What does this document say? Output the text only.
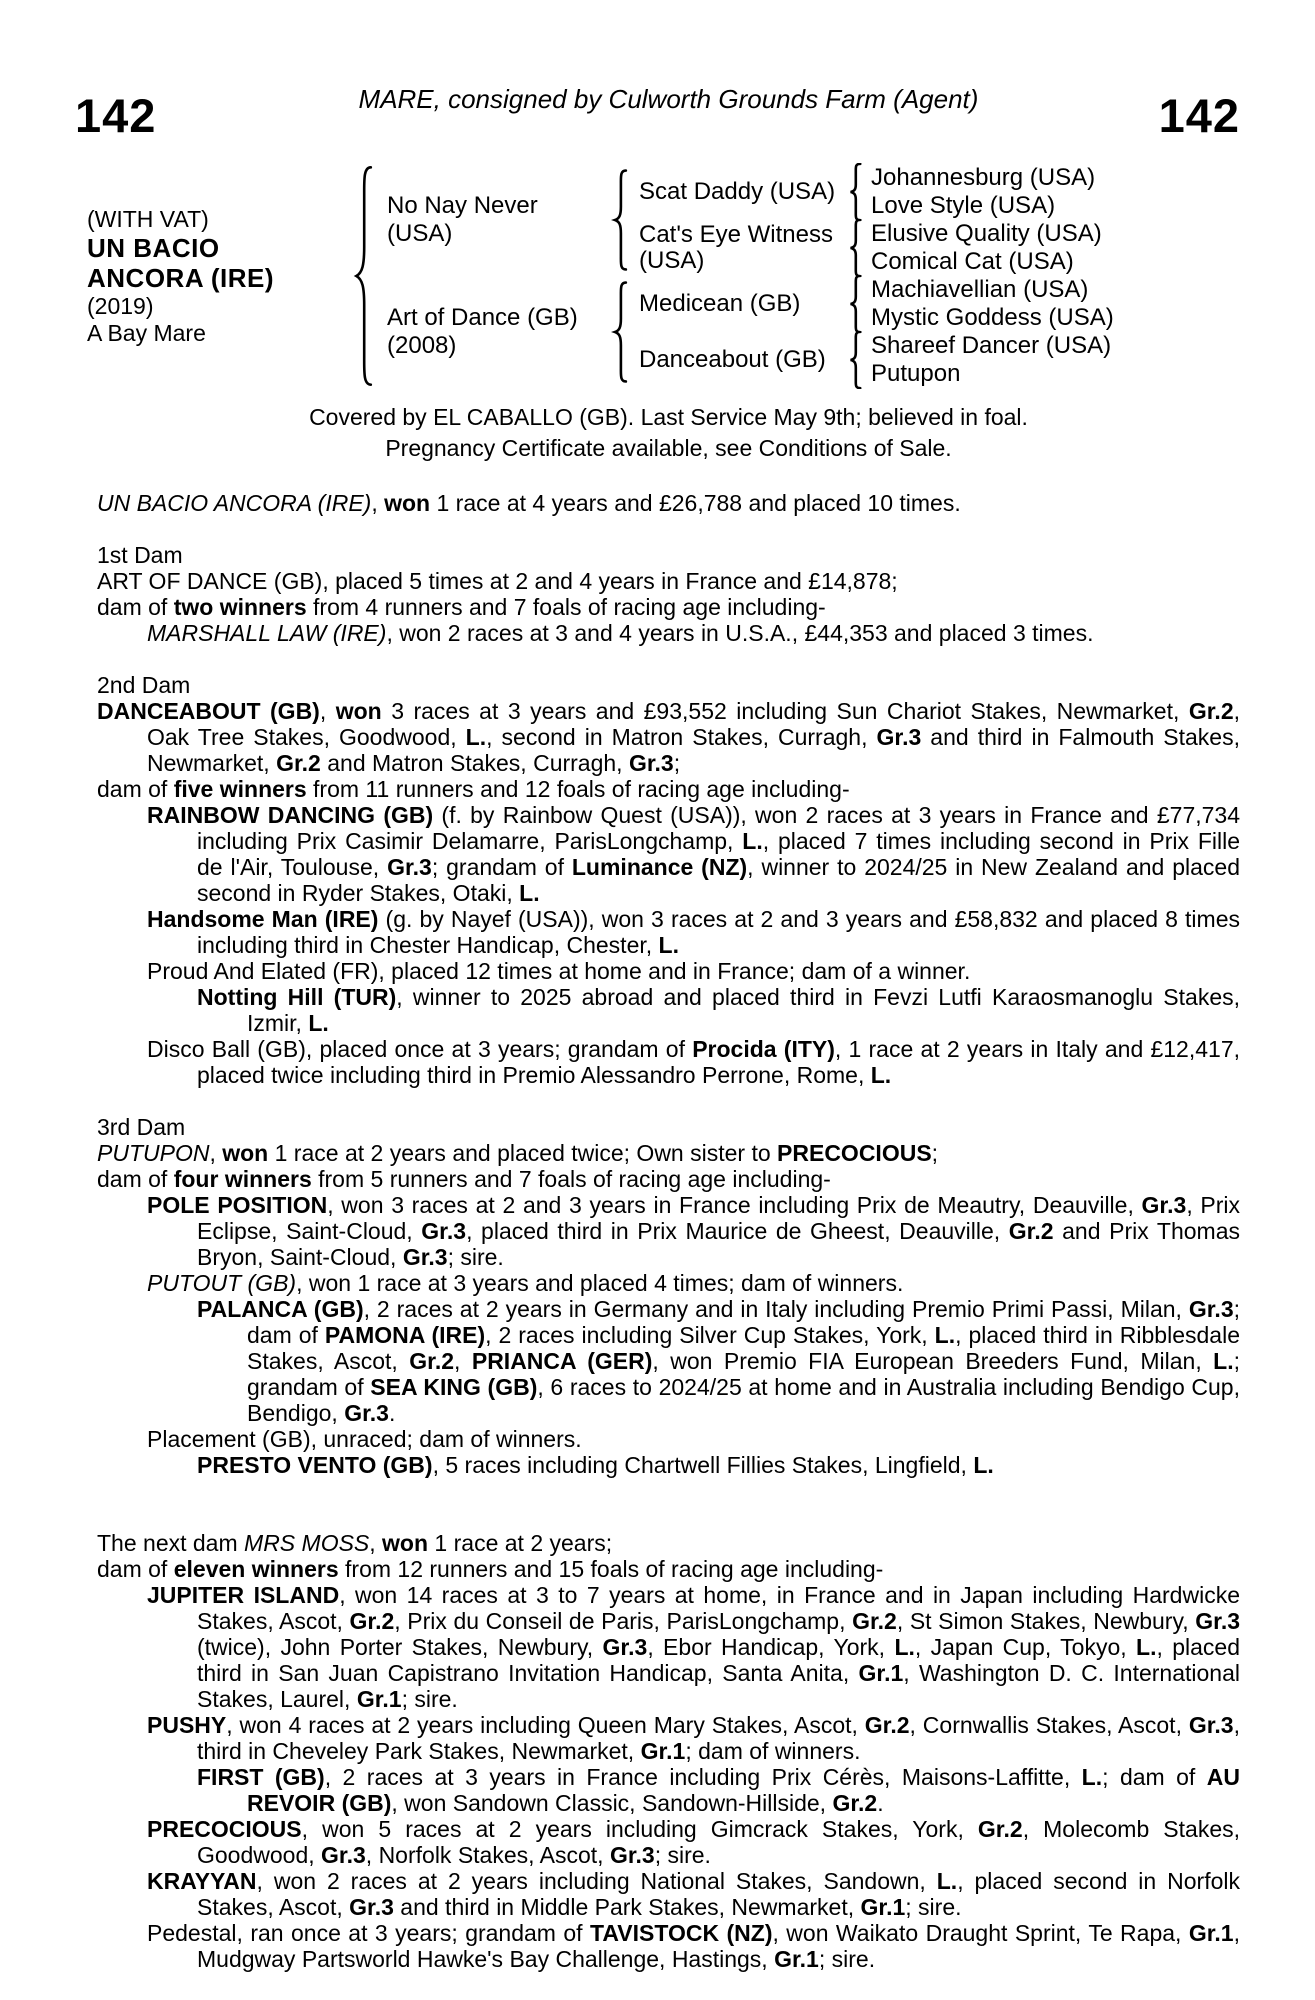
MARE, consigned by Culworth Grounds Farm (Agent)
142	142
(WITH VAT)
UN BACIO
ANCORA (IRE)
(2019)
A Bay Mare
No Nay Never
(USA)
Scat Daddy (USA)
Johannesburg (USA)
Love Style (USA)
Cat's Eye Witness
(USA)
Elusive Quality (USA)
Comical Cat (USA)
Art of Dance (GB)
(2008)
Medicean (GB)
Machiavellian (USA)
Mystic Goddess (USA)
Danceabout (GB)
Shareef Dancer (USA)
Putupon
Covered by EL CABALLO (GB). Last Service May 9th; believed in foal.
Pregnancy Certificate available, see Conditions of Sale.
UN BACIO ANCORA (IRE), won 1 race at 4 years and £26,788 and placed 10 times.
1st Dam
ART OF DANCE (GB), placed 5 times at 2 and 4 years in France and £14,878;
dam of two winners from 4 runners and 7 foals of racing age including-
MARSHALL LAW (IRE), won 2 races at 3 and 4 years in U.S.A., £44,353 and placed 3 times.
2nd Dam
DANCEABOUT (GB), won 3 races at 3 years and £93,552 including Sun Chariot Stakes, Newmarket, Gr.2, Oak Tree Stakes, Goodwood, L., second in Matron Stakes, Curragh, Gr.3 and third in Falmouth Stakes, Newmarket, Gr.2 and Matron Stakes, Curragh, Gr.3;
dam of five winners from 11 runners and 12 foals of racing age including-
RAINBOW DANCING (GB) (f. by Rainbow Quest (USA)), won 2 races at 3 years in France and £77,734 including Prix Casimir Delamarre, ParisLongchamp, L., placed 7 times including second in Prix Fille de l'Air, Toulouse, Gr.3; grandam of Luminance (NZ), winner to 2024/25 in New Zealand and placed second in Ryder Stakes, Otaki, L.
Handsome Man (IRE) (g. by Nayef (USA)), won 3 races at 2 and 3 years and £58,832 and placed 8 times including third in Chester Handicap, Chester, L.
Proud And Elated (FR), placed 12 times at home and in France; dam of a winner.
Notting Hill (TUR), winner to 2025 abroad and placed third in Fevzi Lutfi Karaosmanoglu Stakes, Izmir, L.
Disco Ball (GB), placed once at 3 years; grandam of Procida (ITY), 1 race at 2 years in Italy and £12,417, placed twice including third in Premio Alessandro Perrone, Rome, L.
3rd Dam
PUTUPON, won 1 race at 2 years and placed twice; Own sister to PRECOCIOUS;
dam of four winners from 5 runners and 7 foals of racing age including-
POLE POSITION, won 3 races at 2 and 3 years in France including Prix de Meautry, Deauville, Gr.3, Prix Eclipse, Saint-Cloud, Gr.3, placed third in Prix Maurice de Gheest, Deauville, Gr.2 and Prix Thomas Bryon, Saint-Cloud, Gr.3; sire.
PUTOUT (GB), won 1 race at 3 years and placed 4 times; dam of winners.
PALANCA (GB), 2 races at 2 years in Germany and in Italy including Premio Primi Passi, Milan, Gr.3; dam of PAMONA (IRE), 2 races including Silver Cup Stakes, York, L., placed third in Ribblesdale Stakes, Ascot, Gr.2, PRIANCA (GER), won Premio FIA European Breeders Fund, Milan, L.; grandam of SEA KING (GB), 6 races to 2024/25 at home and in Australia including Bendigo Cup, Bendigo, Gr.3.
Placement (GB), unraced; dam of winners.
PRESTO VENTO (GB), 5 races including Chartwell Fillies Stakes, Lingfield, L.
The next dam MRS MOSS, won 1 race at 2 years;
dam of eleven winners from 12 runners and 15 foals of racing age including-
JUPITER ISLAND, won 14 races at 3 to 7 years at home, in France and in Japan including Hardwicke Stakes, Ascot, Gr.2, Prix du Conseil de Paris, ParisLongchamp, Gr.2, St Simon Stakes, Newbury, Gr.3 (twice), John Porter Stakes, Newbury, Gr.3, Ebor Handicap, York, L., Japan Cup, Tokyo, L., placed third in San Juan Capistrano Invitation Handicap, Santa Anita, Gr.1, Washington D. C. International Stakes, Laurel, Gr.1; sire.
PUSHY, won 4 races at 2 years including Queen Mary Stakes, Ascot, Gr.2, Cornwallis Stakes, Ascot, Gr.3, third in Cheveley Park Stakes, Newmarket, Gr.1; dam of winners.
FIRST (GB), 2 races at 3 years in France including Prix Cérès, Maisons-Laffitte, L.; dam of AU REVOIR (GB), won Sandown Classic, Sandown-Hillside, Gr.2.
PRECOCIOUS, won 5 races at 2 years including Gimcrack Stakes, York, Gr.2, Molecomb Stakes, Goodwood, Gr.3, Norfolk Stakes, Ascot, Gr.3; sire.
KRAYYAN, won 2 races at 2 years including National Stakes, Sandown, L., placed second in Norfolk Stakes, Ascot, Gr.3 and third in Middle Park Stakes, Newmarket, Gr.1; sire.
Pedestal, ran once at 3 years; grandam of TAVISTOCK (NZ), won Waikato Draught Sprint, Te Rapa, Gr.1, Mudgway Partsworld Hawke's Bay Challenge, Hastings, Gr.1; sire.
